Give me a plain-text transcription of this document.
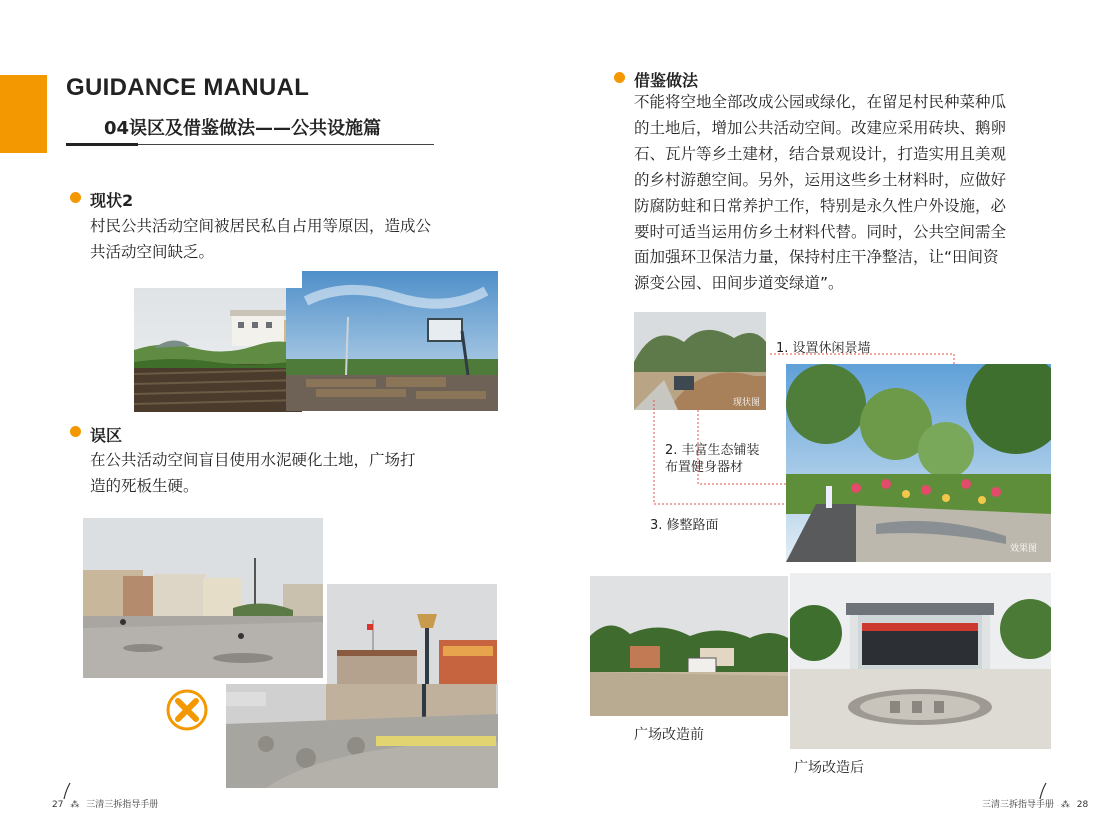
GUIDANCE MANUAL
04误区及借鉴做法——公共设施篇
现状2
村民公共活动空间被居民私自占用等原因，造成公
共活动空间缺乏。
误区
在公共活动空间盲目使用水泥硬化土地，广场打
造的死板生硬。
借鉴做法
不能将空地全部改成公园或绿化，在留足村民种菜种瓜
的土地后，增加公共活动空间。改建应采用砖块、鹅卵
石、瓦片等乡土建材，结合景观设计，打造实用且美观
的乡村游憩空间。另外，运用这些乡土材料时，应做好
防腐防蛀和日常养护工作，特别是永久性户外设施，必
要时可适当运用仿乡土材料代替。同时，公共空间需全
面加强环卫保洁力量，保持村庄干净整洁，让“田间资
源变公园、田间步道变绿道”。
现状图
1. 设置休闲景墙
2. 丰富生态铺装
布置健身器材
3. 修整路面
效果图
广场改造前
广场改造后
27 ⁂ 三清三拆指导手册	三清三拆指导手册 ⁂ 28
